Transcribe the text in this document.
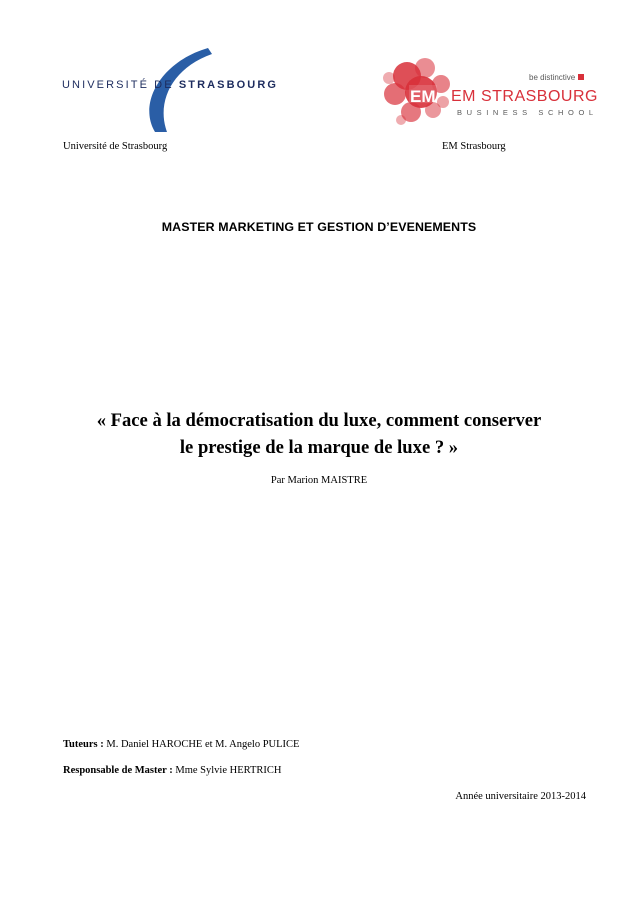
UNIVERSITÉ DE STRASBOURG
EM
be distinctive
EM STRASBOURG
BUSINESS SCHOOL
Université de Strasbourg	EM Strasbourg
MASTER MARKETING ET GESTION D’EVENEMENTS
« Face à la démocratisation du luxe, comment conserver
le prestige de la marque de luxe ? »
Par Marion MAISTRE
Tuteurs : M. Daniel HAROCHE et M. Angelo PULICE
Responsable de Master : Mme Sylvie HERTRICH
Année universitaire 2013-2014
